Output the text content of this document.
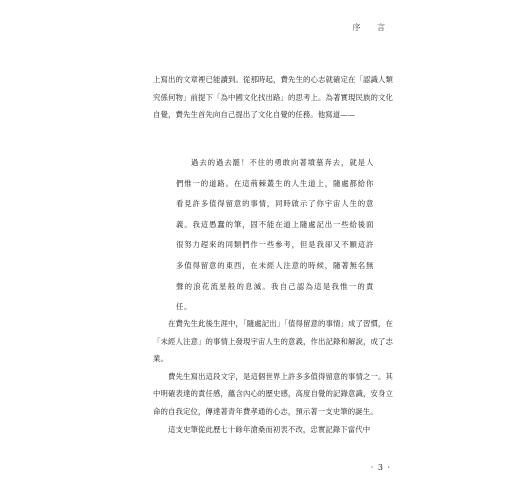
序 言

上寫出的文章裡已能讀到。從那時起，費先生的心志就確定在「認識人類究係何物」前提下「為中國文化找出路」的思考上。為著實現民族的文化自覺，費先生首先向自己提出了文化自覺的任務。他寫道——

過去的過去罷！不住的勇敢向著墳墓奔去，就是人們惟一的道路。在這荊棘叢生的人生道上，隨處都給你看見許多值得留意的事情，同時啟示了你宇宙人生的意義。我這愚蠢的筆，固不能在道上隨處記出一些給後面很努力趕來的同類們作一些參考，但是我卻又不願這許多值得留意的東西，在未經人注意的時候，隨著無名無聲的浪花流星般的息滅。我自己認為這是我惟一的責任。

在費先生此後生涯中，「隨處記出」「值得留意的事情」成了習慣，在「未經人注意」的事情上發現宇宙人生的意義，作出記錄和解說，成了志業。

費先生寫出這段文字，是這個世界上許多多值得留意的事情之一。其中明確表達的責任感，蘊含內心的歷史感，高度自覺的記錄意識，安身立命的自我定位，傳達著青年費孝通的心志，預示著一支史筆的誕生。

這支史筆從此歷七十餘年滄桑而初衷不改，忠實記錄下當代中

· 3 ·
